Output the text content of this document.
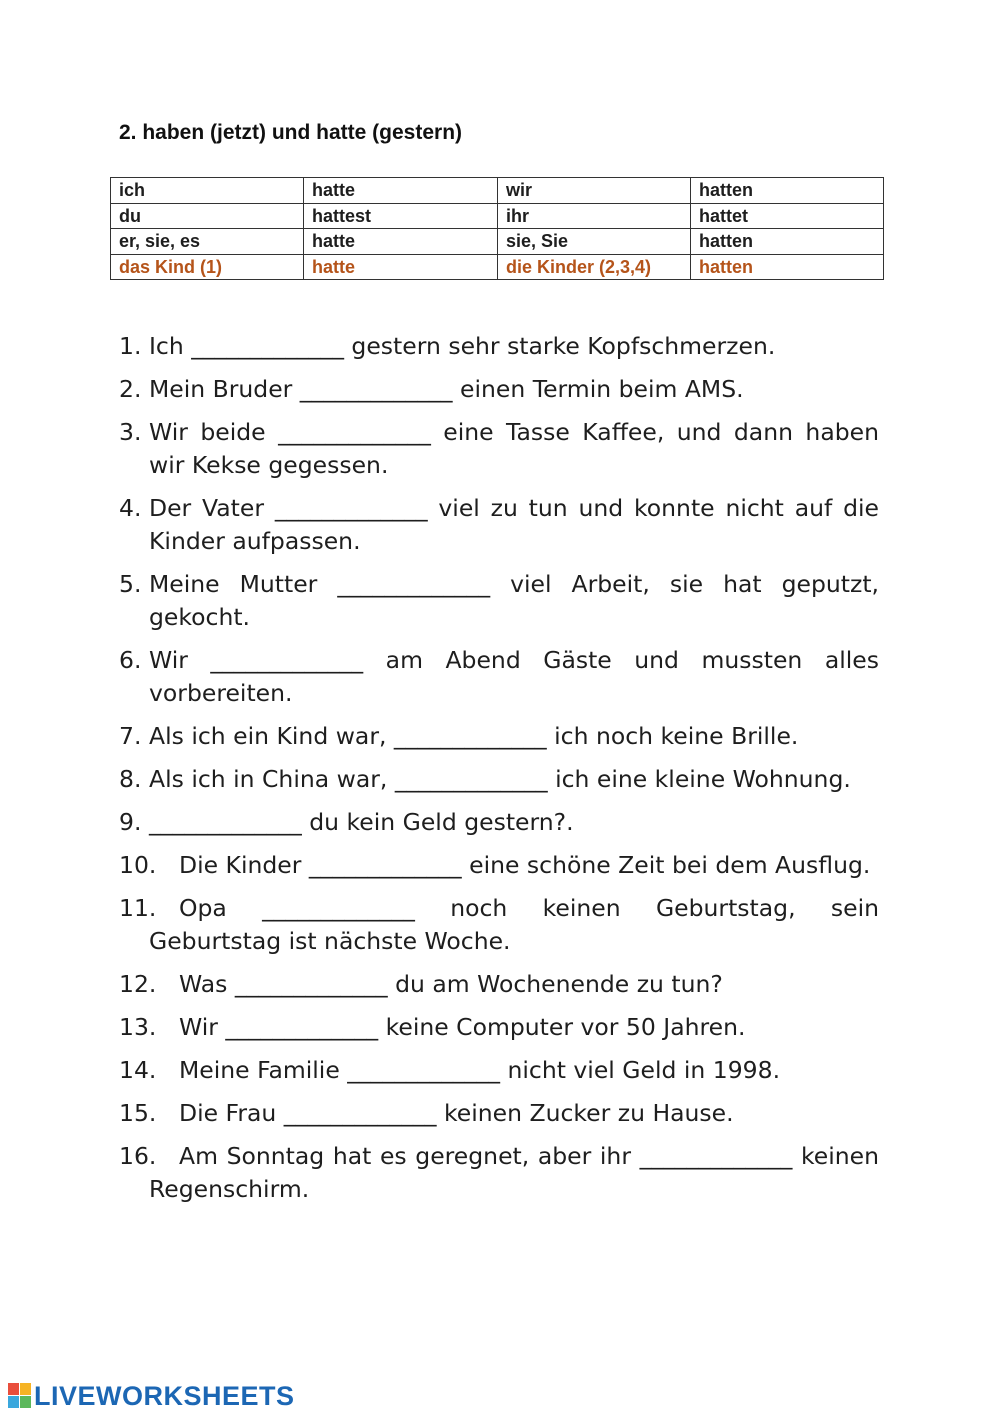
2. haben (jetzt) und hatte (gestern)
ich	hatte	wir	hatten
du	hattest	ihr	hattet
er, sie, es	hatte	sie, Sie	hatten
das Kind (1)	hatte	die Kinder (2,3,4)	hatten
1. Ich _____________ gestern sehr starke Kopfschmerzen.
2. Mein Bruder _____________ einen Termin beim AMS.
3. Wir beide _____________ eine Tasse Kaffee, und dann haben wir Kekse gegessen.
4. Der Vater _____________ viel zu tun und konnte nicht auf die Kinder aufpassen.
5. Meine Mutter _____________ viel Arbeit, sie hat geputzt, gekocht.
6. Wir _____________ am Abend Gäste und mussten alles vorbereiten.
7. Als ich ein Kind war, _____________ ich noch keine Brille.
8. Als ich in China war, _____________ ich eine kleine Wohnung.
9. _____________ du kein Geld gestern?.
10. Die Kinder _____________ eine schöne Zeit bei dem Ausflug.
11. Opa _____________ noch keinen Geburtstag, sein Geburtstag ist nächste Woche.
12. Was _____________ du am Wochenende zu tun?
13. Wir _____________ keine Computer vor 50 Jahren.
14. Meine Familie _____________ nicht viel Geld in 1998.
15. Die Frau _____________ keinen Zucker zu Hause.
16. Am Sonntag hat es geregnet, aber ihr _____________ keinen Regenschirm.
LIVEWORKSHEETS
